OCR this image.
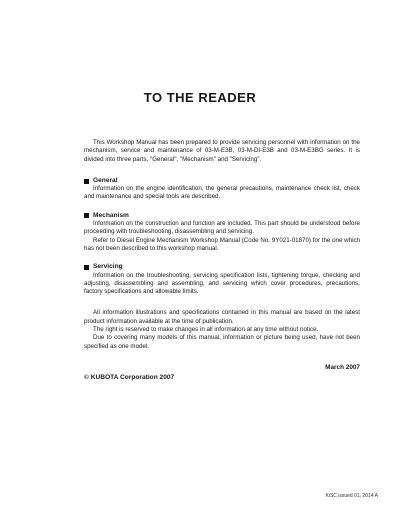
TO THE READER

This Workshop Manual has been prepared to provide servicing personnel with information on the mechanism, service and maintenance of 03-M-E3B, 03-M-DI-E3B and 03-M-E3BG series. It is divided into three parts, "General", "Mechanism" and "Servicing".

General

Information on the engine identification, the general precautions, maintenance check list, check and maintenance and special tools are described.

Mechanism

Information on the construction and function are included. This part should be understood before proceeding with troubleshooting, disassembling and servicing.

Refer to Diesel Engine Mechanism Workshop Manual (Code No. 9Y021-01870) for the one which has not been described to this workshop manual.

Servicing

Information on the troubleshooting, servicing specification lists, tightening torque, checking and adjusting, disassembling and assembling, and servicing which cover procedures, precautions, factory specifications and allowable limits.

All information illustrations and specifications contained in this manual are based on the latest product information available at the time of publication.

The right is reserved to make changes in all information at any time without notice.

Due to covering many models of this manual, information or picture being used, have not been specified as one model.

March 2007

© KUBOTA Corporation 2007

KiSC issued 01, 2014 A
